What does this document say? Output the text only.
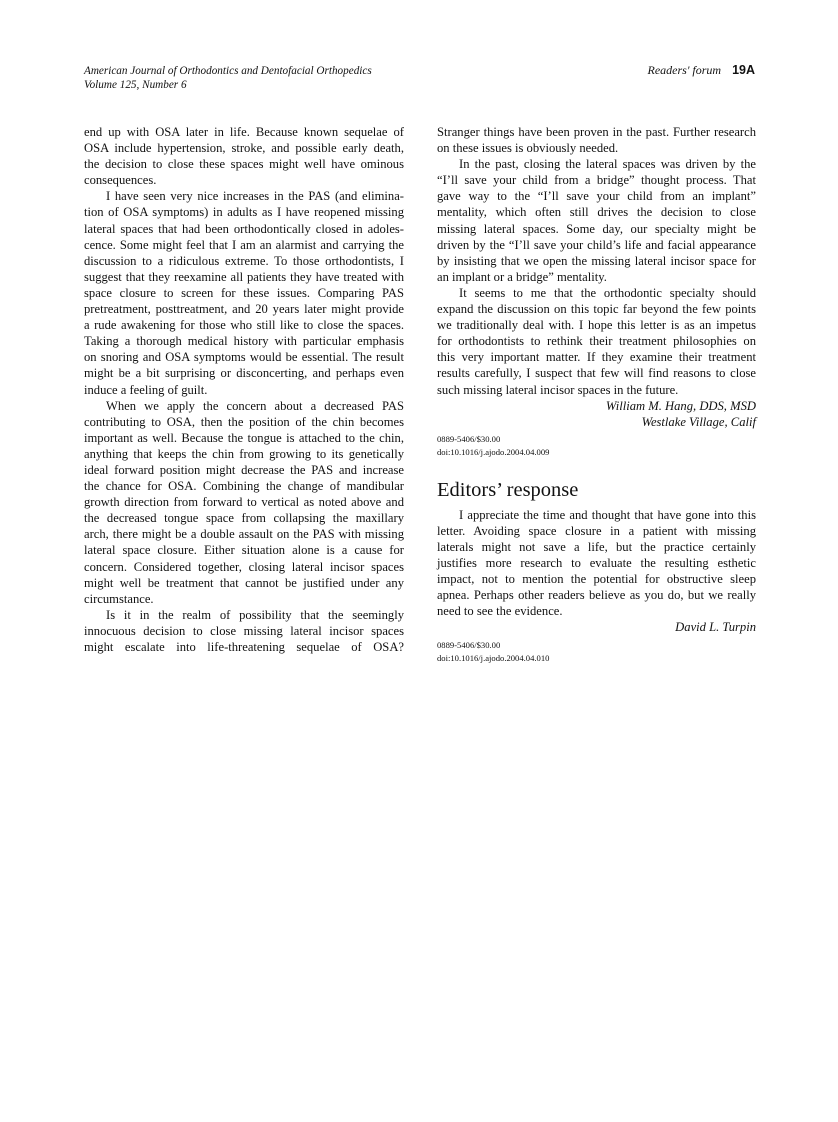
American Journal of Orthodontics and Dentofacial Orthopedics
Volume 125, Number 6
Readers' forum 19A
end up with OSA later in life. Because known sequelae of
OSA include hypertension, stroke, and possible early death,
the decision to close these spaces might well have ominous
consequences.
I have seen very nice increases in the PAS (and elimina-
tion of OSA symptoms) in adults as I have reopened missing
lateral spaces that had been orthodontically closed in adoles-
cence. Some might feel that I am an alarmist and carrying the
discussion to a ridiculous extreme. To those orthodontists, I
suggest that they reexamine all patients they have treated with
space closure to screen for these issues. Comparing PAS
pretreatment, posttreatment, and 20 years later might provide
a rude awakening for those who still like to close the spaces.
Taking a thorough medical history with particular emphasis
on snoring and OSA symptoms would be essential. The result
might be a bit surprising or disconcerting, and perhaps even
induce a feeling of guilt.
When we apply the concern about a decreased PAS
contributing to OSA, then the position of the chin becomes
important as well. Because the tongue is attached to the chin,
anything that keeps the chin from growing to its genetically
ideal forward position might decrease the PAS and increase
the chance for OSA. Combining the change of mandibular
growth direction from forward to vertical as noted above and
the decreased tongue space from collapsing the maxillary
arch, there might be a double assault on the PAS with missing
lateral space closure. Either situation alone is a cause for
concern. Considered together, closing lateral incisor spaces
might well be treatment that cannot be justified under any
circumstance.
Is it in the realm of possibility that the seemingly
innocuous decision to close missing lateral incisor spaces
might escalate into life-threatening sequelae of OSA?
Stranger things have been proven in the past. Further research
on these issues is obviously needed.
In the past, closing the lateral spaces was driven by the
“I’ll save your child from a bridge” thought process. That
gave way to the “I’ll save your child from an implant”
mentality, which often still drives the decision to close
missing lateral spaces. Some day, our specialty might be
driven by the “I’ll save your child’s life and facial appearance
by insisting that we open the missing lateral incisor space for
an implant or a bridge” mentality.
It seems to me that the orthodontic specialty should
expand the discussion on this topic far beyond the few points
we traditionally deal with. I hope this letter is as an impetus
for orthodontists to rethink their treatment philosophies on
this very important matter. If they examine their treatment
results carefully, I suspect that few will find reasons to close
such missing lateral incisor spaces in the future.
William M. Hang, DDS, MSD
Westlake Village, Calif
0889-5406/$30.00
doi:10.1016/j.ajodo.2004.04.009
Editors’ response
I appreciate the time and thought that have gone into this
letter. Avoiding space closure in a patient with missing
laterals might not save a life, but the practice certainly
justifies more research to evaluate the resulting esthetic
impact, not to mention the potential for obstructive sleep
apnea. Perhaps other readers believe as you do, but we really
need to see the evidence.
David L. Turpin
0889-5406/$30.00
doi:10.1016/j.ajodo.2004.04.010
